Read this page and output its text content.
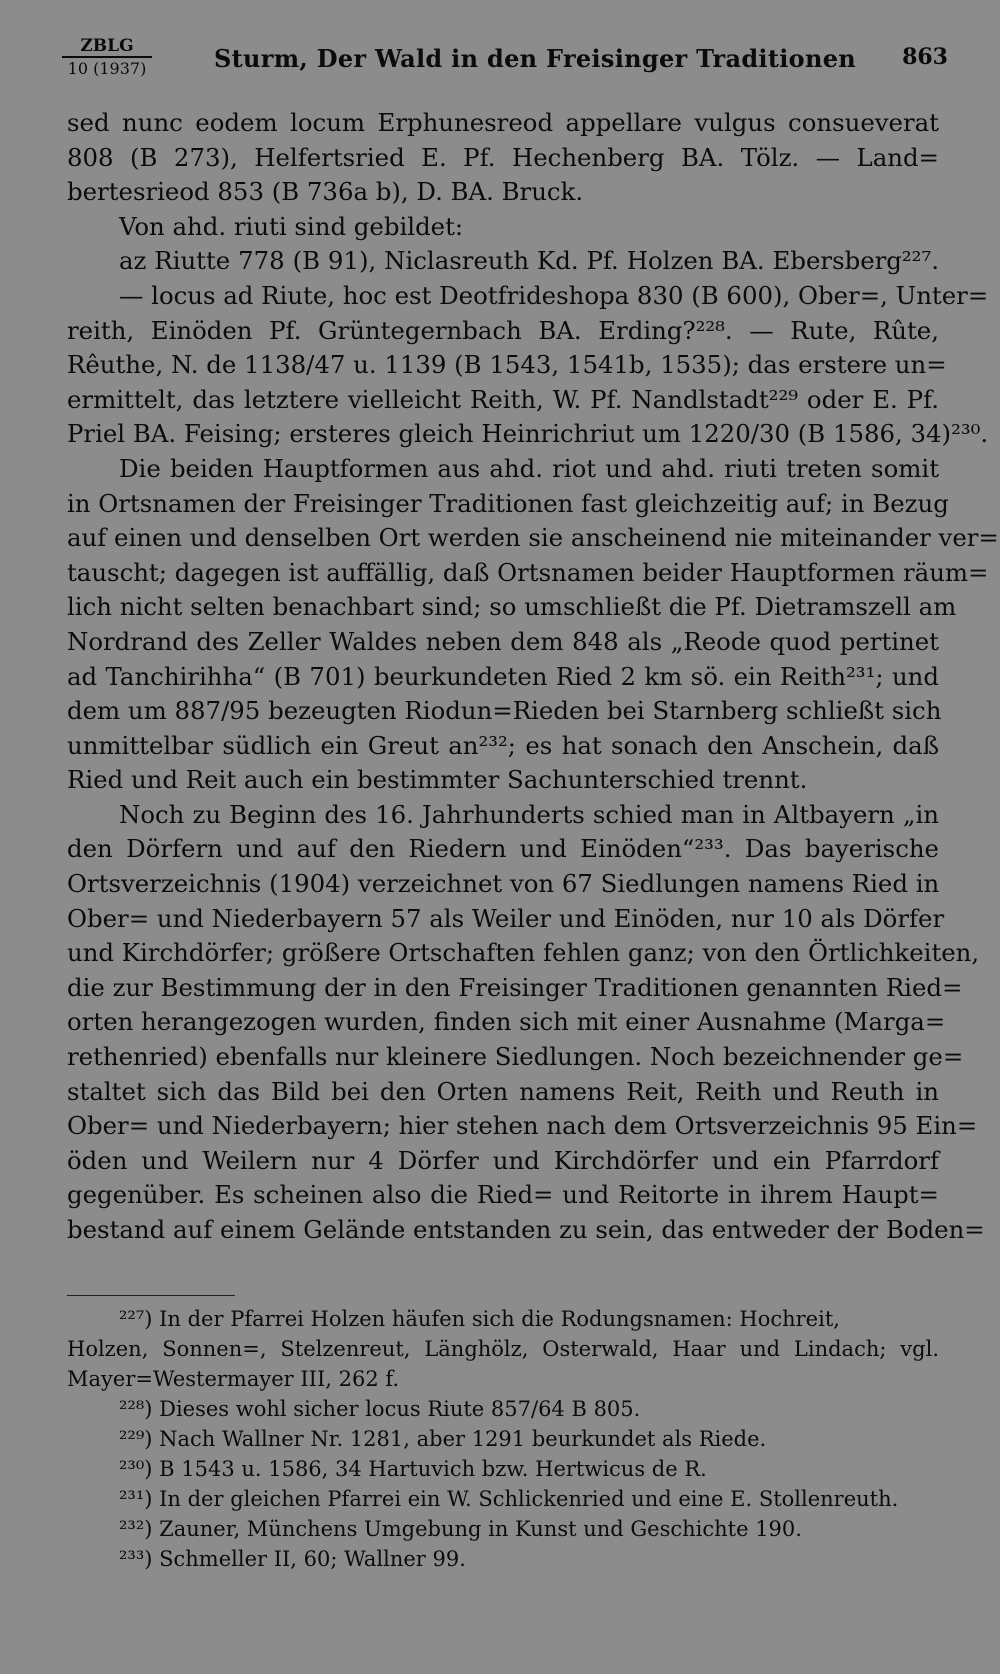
ZBLG
10 (1937)	Sturm, Der Wald in den Freisinger Traditionen 863
sed nunc eodem locum Erphunesreod appellare vulgus consueverat
808 (B 273), Helfertsried E. Pf. Hechenberg BA. Tölz. — Land=
bertesrieod 853 (B 736a b), D. BA. Bruck.
Von ahd. riuti sind gebildet:
az Riutte 778 (B 91), Niclasreuth Kd. Pf. Holzen BA. Ebersberg²²⁷.
— locus ad Riute, hoc est Deotfrideshopa 830 (B 600), Ober=, Unter=
reith, Einöden Pf. Grüntegernbach BA. Erding?²²⁸. — Rute, Rûte,
Rêuthe, N. de 1138/47 u. 1139 (B 1543, 1541b, 1535); das erstere un=
ermittelt, das letztere vielleicht Reith, W. Pf. Nandlstadt²²⁹ oder E. Pf.
Priel BA. Feising; ersteres gleich Heinrichriut um 1220/30 (B 1586, 34)²³⁰.
Die beiden Hauptformen aus ahd. riot und ahd. riuti treten somit
in Ortsnamen der Freisinger Traditionen fast gleichzeitig auf; in Bezug
auf einen und denselben Ort werden sie anscheinend nie miteinander ver=
tauscht; dagegen ist auffällig, daß Ortsnamen beider Hauptformen räum=
lich nicht selten benachbart sind; so umschließt die Pf. Dietramszell am
Nordrand des Zeller Waldes neben dem 848 als „Reode quod pertinet
ad Tanchirihha“ (B 701) beurkundeten Ried 2 km sö. ein Reith²³¹; und
dem um 887/95 bezeugten Riodun=Rieden bei Starnberg schließt sich
unmittelbar südlich ein Greut an²³²; es hat sonach den Anschein, daß
Ried und Reit auch ein bestimmter Sachunterschied trennt.
Noch zu Beginn des 16. Jahrhunderts schied man in Altbayern „in
den Dörfern und auf den Riedern und Einöden“²³³. Das bayerische
Ortsverzeichnis (1904) verzeichnet von 67 Siedlungen namens Ried in
Ober= und Niederbayern 57 als Weiler und Einöden, nur 10 als Dörfer
und Kirchdörfer; größere Ortschaften fehlen ganz; von den Örtlichkeiten,
die zur Bestimmung der in den Freisinger Traditionen genannten Ried=
orten herangezogen wurden, finden sich mit einer Ausnahme (Marga=
rethenried) ebenfalls nur kleinere Siedlungen. Noch bezeichnender ge=
staltet sich das Bild bei den Orten namens Reit, Reith und Reuth in
Ober= und Niederbayern; hier stehen nach dem Ortsverzeichnis 95 Ein=
öden und Weilern nur 4 Dörfer und Kirchdörfer und ein Pfarrdorf
gegenüber. Es scheinen also die Ried= und Reitorte in ihrem Haupt=
bestand auf einem Gelände entstanden zu sein, das entweder der Boden=
²²⁷) In der Pfarrei Holzen häufen sich die Rodungsnamen: Hochreit,
Holzen, Sonnen=, Stelzenreut, Länghölz, Osterwald, Haar und Lindach; vgl.
Mayer=Westermayer III, 262 f.
²²⁸) Dieses wohl sicher locus Riute 857/64 B 805.
²²⁹) Nach Wallner Nr. 1281, aber 1291 beurkundet als Riede.
²³⁰) B 1543 u. 1586, 34 Hartuvich bzw. Hertwicus de R.
²³¹) In der gleichen Pfarrei ein W. Schlickenried und eine E. Stollenreuth.
²³²) Zauner, Münchens Umgebung in Kunst und Geschichte 190.
²³³) Schmeller II, 60; Wallner 99.
